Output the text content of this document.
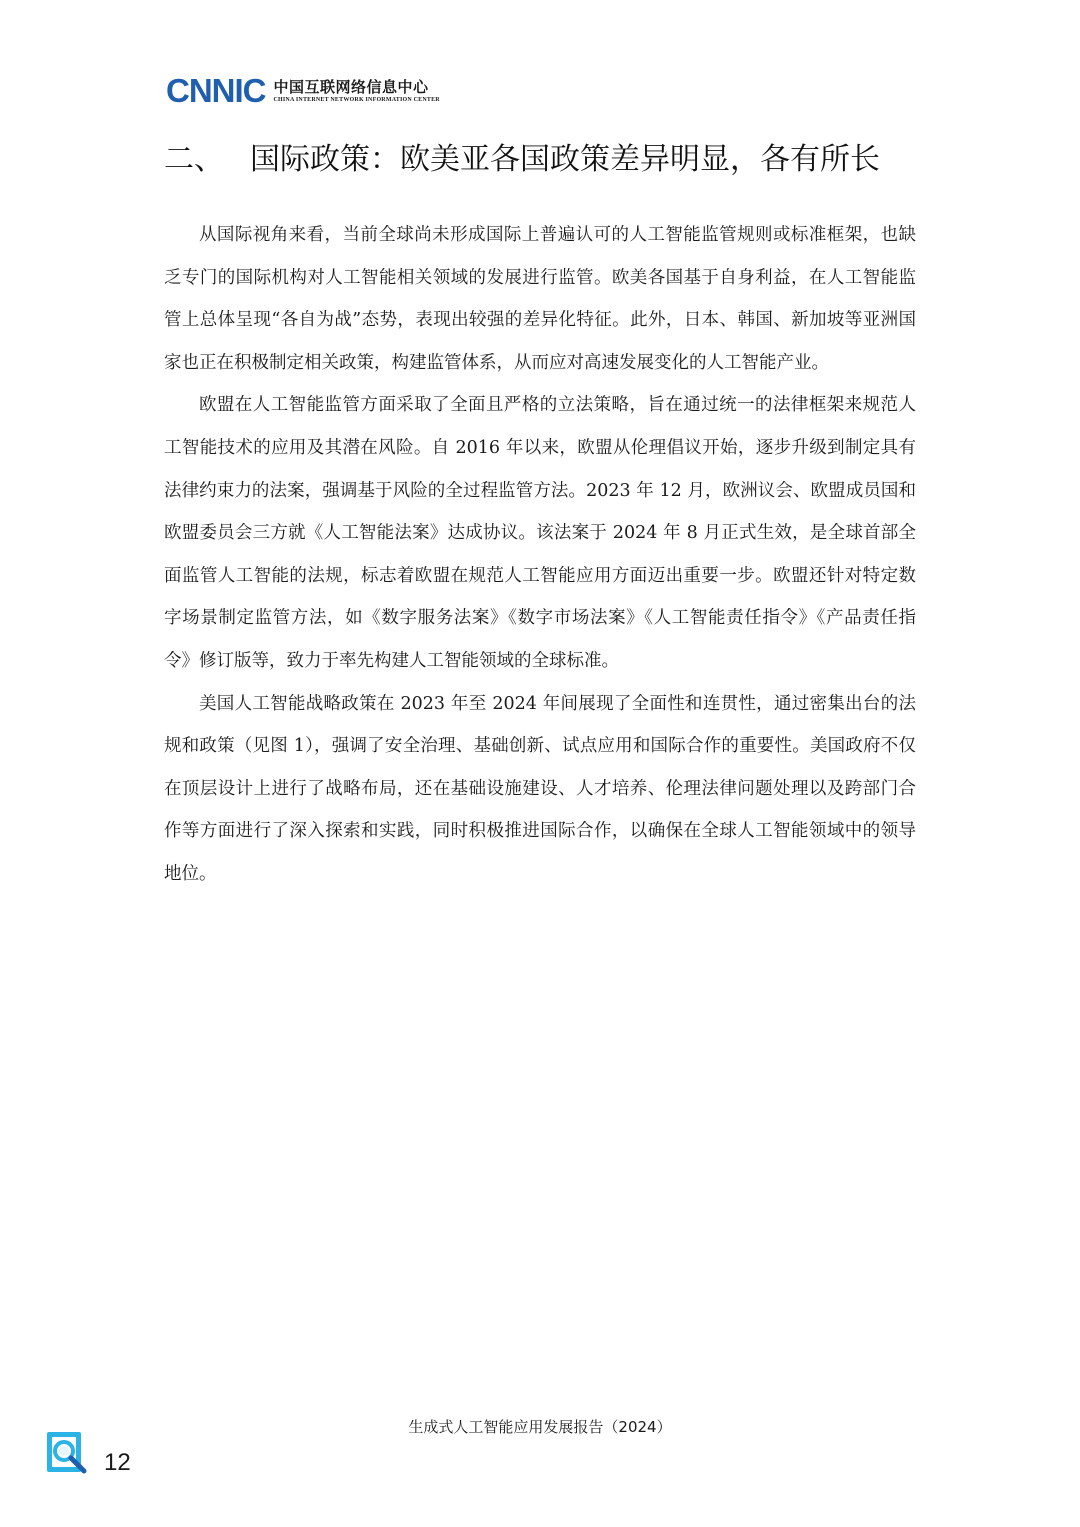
CNNIC 中国互联网络信息中心
CHINA INTERNET NETWORK INFORMATION CENTER
二、 国际政策：欧美亚各国政策差异明显，各有所长

从国际视角来看，当前全球尚未形成国际上普遍认可的人工智能监管规则或标准框架，也缺乏专门的国际机构对人工智能相关领域的发展进行监管。欧美各国基于自身利益，在人工智能监管上总体呈现“各自为战”态势，表现出较强的差异化特征。此外，日本、韩国、新加坡等亚洲国家也正在积极制定相关政策，构建监管体系，从而应对高速发展变化的人工智能产业。

欧盟在人工智能监管方面采取了全面且严格的立法策略，旨在通过统一的法律框架来规范人工智能技术的应用及其潜在风险。自 2016 年以来，欧盟从伦理倡议开始，逐步升级到制定具有法律约束力的法案，强调基于风险的全过程监管方法。2023 年 12 月，欧洲议会、欧盟成员国和欧盟委员会三方就《人工智能法案》达成协议。该法案于 2024 年 8 月正式生效，是全球首部全面监管人工智能的法规，标志着欧盟在规范人工智能应用方面迈出重要一步。欧盟还针对特定数字场景制定监管方法，如《数字服务法案》《数字市场法案》《人工智能责任指令》《产品责任指令》修订版等，致力于率先构建人工智能领域的全球标准。

美国人工智能战略政策在 2023 年至 2024 年间展现了全面性和连贯性，通过密集出台的法规和政策（见图 1），强调了安全治理、基础创新、试点应用和国际合作的重要性。美国政府不仅在顶层设计上进行了战略布局，还在基础设施建设、人才培养、伦理法律问题处理以及跨部门合作等方面进行了深入探索和实践，同时积极推进国际合作，以确保在全球人工智能领域中的领导地位。

生成式人工智能应用发展报告（2024）
12
